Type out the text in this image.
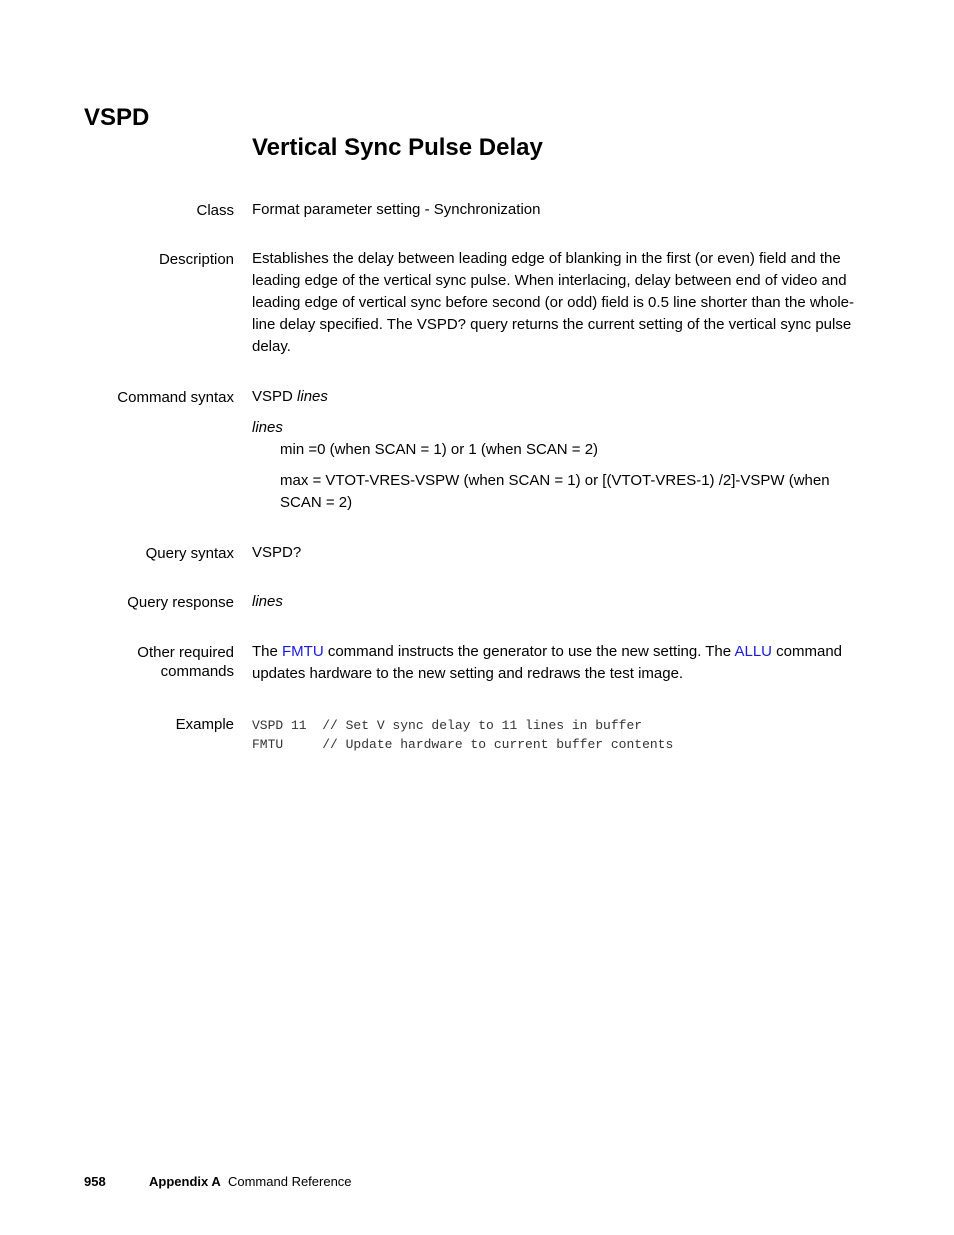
VSPD
Vertical Sync Pulse Delay
Class Format parameter setting - Synchronization
Description Establishes the delay between leading edge of blanking in the first (or even) field and the leading edge of the vertical sync pulse. When interlacing, delay between end of video and leading edge of vertical sync before second (or odd) field is 0.5 line shorter than the whole-line delay specified. The VSPD? query returns the current setting of the vertical sync pulse delay.
Command syntax VSPD lines
lines
min =0 (when SCAN = 1) or 1 (when SCAN = 2)
max = VTOT-VRES-VSPW (when SCAN = 1) or [(VTOT-VRES-1) /2]-VSPW (when SCAN = 2)
Query syntax VSPD?
Query response lines
Other required
commands
The FMTU command instructs the generator to use the new setting. The ALLU command updates hardware to the new setting and redraws the test image.
Example VSPD 11  // Set V sync delay to 11 lines in buffer
FMTU     // Update hardware to current buffer contents
958	Appendix A Command Reference
